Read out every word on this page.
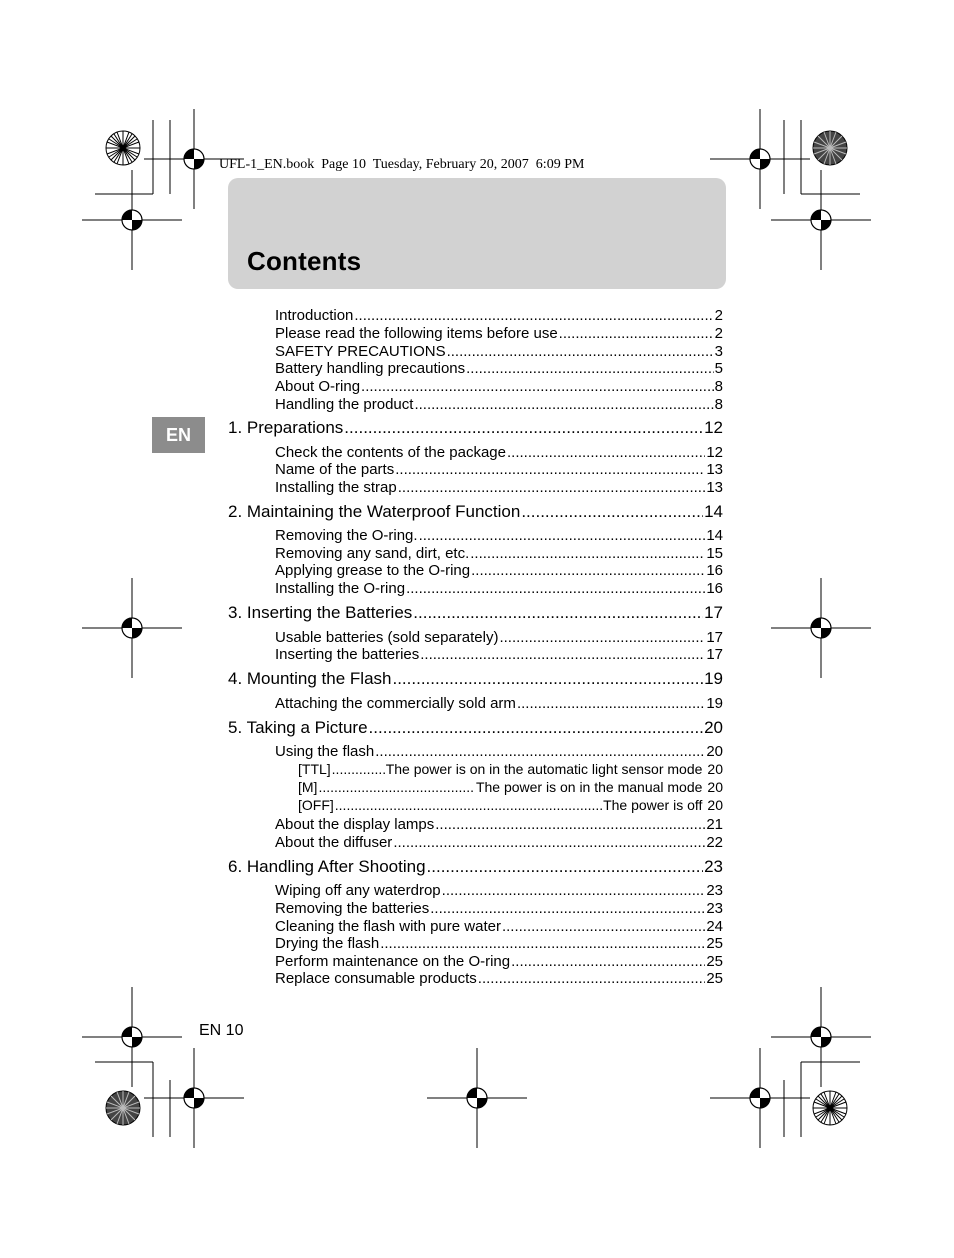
UFL-1_EN.book  Page 10  Tuesday, February 20, 2007  6:09 PM
Contents
EN
EN 10
Introduction .....	2
Please read the following items before use .....	2
SAFETY PRECAUTIONS .....	3
Battery handling precautions .....	5
About O-ring .....	8
Handling the product .....	8
1. Preparations .....	12
Check the contents of the package .....	12
Name of the parts .....	13
Installing the strap .....	13
2. Maintaining the Waterproof Function .....	14
Removing the O-ring. .....	14
Removing any sand, dirt, etc. .....	15
Applying grease to the O-ring .....	16
Installing the O-ring .....	16
3. Inserting the Batteries .....	17
Usable batteries (sold separately) .....	17
Inserting the batteries .....	17
4. Mounting the Flash .....	19
Attaching the commercially sold arm .....	19
5. Taking a Picture .....	20
Using the flash .....	20
[TTL] .....	The power is on in the automatic light sensor mode 20
[M] .....	The power is on in the manual mode 20
[OFF] .....	The power is off 20
About the display lamps .....	21
About the diffuser .....	22
6. Handling After Shooting .....	23
Wiping off any waterdrop .....	23
Removing the batteries .....	23
Cleaning the flash with pure water .....	24
Drying the flash .....	25
Perform maintenance on the O-ring .....	25
Replace consumable products .....	25
